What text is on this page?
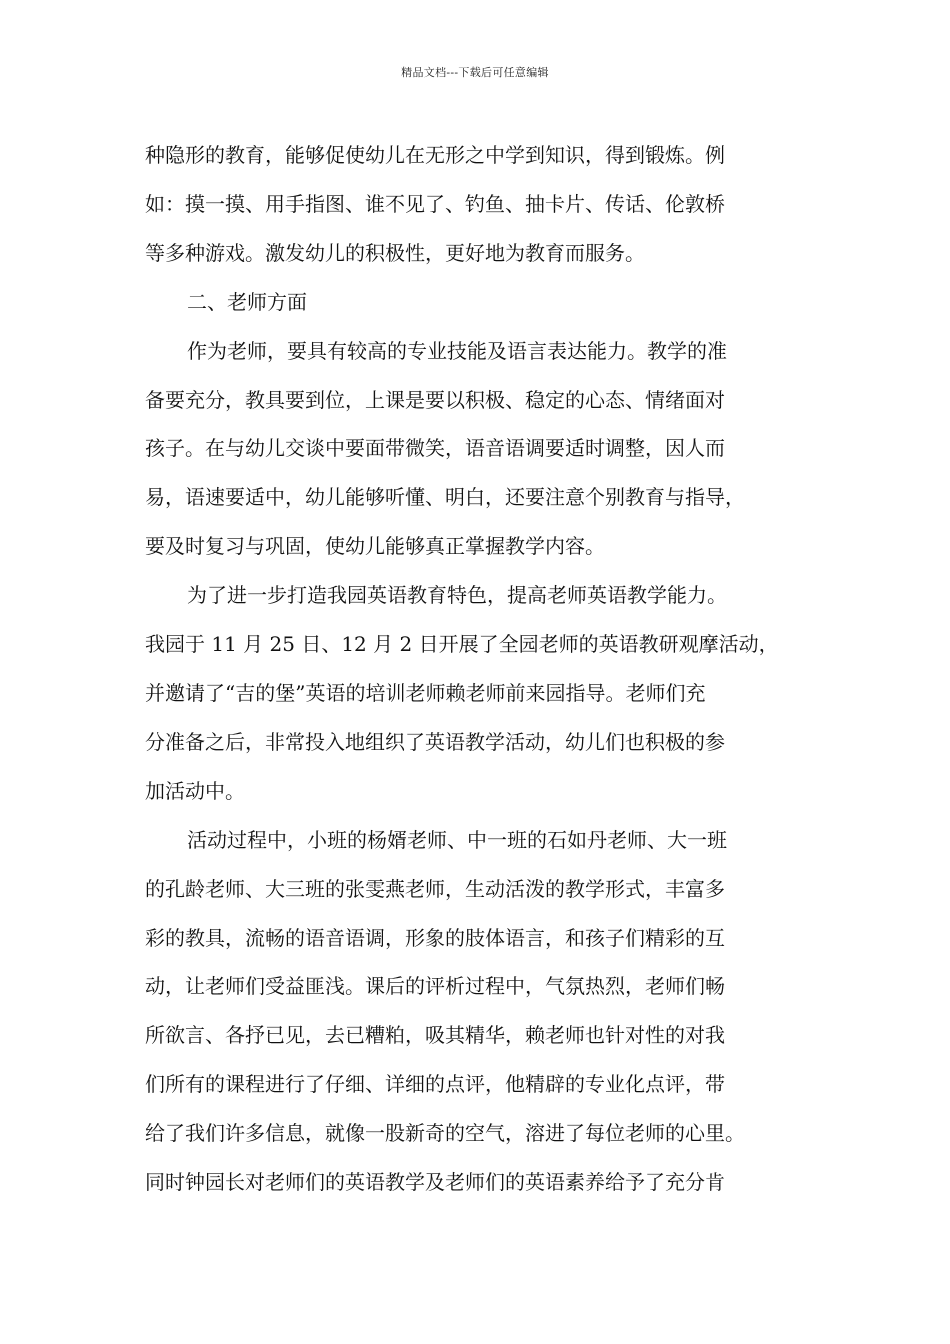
精品文档---下载后可任意编辑

种隐形的教育，能够促使幼儿在无形之中学到知识，得到锻炼。例
如：摸一摸、用手指图、谁不见了、钓鱼、抽卡片、传话、伦敦桥
等多种游戏。激发幼儿的积极性，更好地为教育而服务。

二、老师方面

作为老师，要具有较高的专业技能及语言表达能力。教学的准
备要充分，教具要到位，上课是要以积极、稳定的心态、情绪面对
孩子。在与幼儿交谈中要面带微笑，语音语调要适时调整，因人而
易，语速要适中，幼儿能够听懂、明白，还要注意个别教育与指导，
要及时复习与巩固，使幼儿能够真正掌握教学内容。

为了进一步打造我园英语教育特色，提高老师英语教学能力。
我园于 11 月 25 日、12 月 2 日开展了全园老师的英语教研观摩活动，
并邀请了“吉的堡”英语的培训老师赖老师前来园指导。老师们充
分准备之后，非常投入地组织了英语教学活动，幼儿们也积极的参
加活动中。

活动过程中，小班的杨婿老师、中一班的石如丹老师、大一班
的孔龄老师、大三班的张雯燕老师，生动活泼的教学形式，丰富多
彩的教具，流畅的语音语调，形象的肢体语言，和孩子们精彩的互
动，让老师们受益匪浅。课后的评析过程中，气氛热烈，老师们畅
所欲言、各抒已见，去已糟粕，吸其精华，赖老师也针对性的对我
们所有的课程进行了仔细、详细的点评，他精辟的专业化点评，带
给了我们许多信息，就像一股新奇的空气，溶进了每位老师的心里。
同时钟园长对老师们的英语教学及老师们的英语素养给予了充分肯
